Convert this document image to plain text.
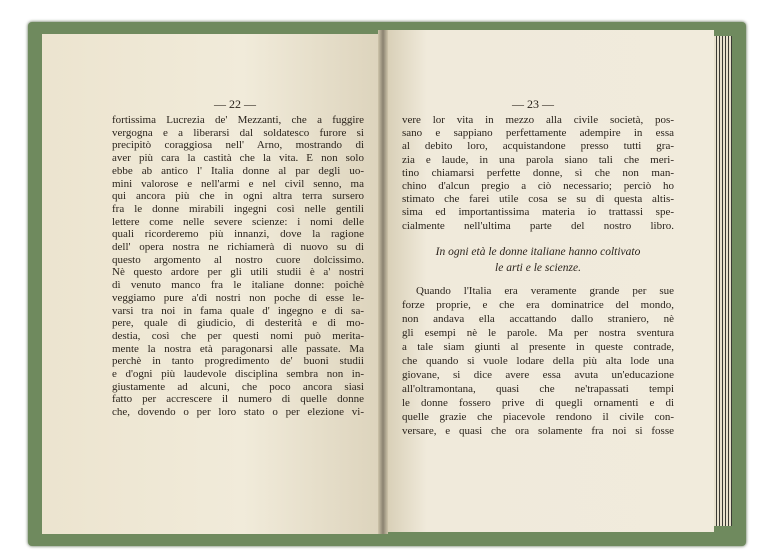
— 22 —
fortissima Lucrezia de' Mezzanti, che a fuggire
vergogna e a liberarsi dal soldatesco furore si
precipitò coraggiosa nell' Arno, mostrando di
aver più cara la castità che la vita. E non solo
ebbe ab antico l' Italia donne al par degli uo-
mini valorose e nell'armi e nel civil senno, ma
qui ancora più che in ogni altra terra sursero
fra le donne mirabili ingegni così nelle gentili
lettere come nelle severe scienze: i nomi delle
quali ricorderemo più innanzi, dove la ragione
dell' opera nostra ne richiamerà di nuovo su di
questo argomento al nostro cuore dolcissimo.
Nè questo ardore per gli utili studii è a' nostri
dì venuto manco fra le italiane donne: poichè
veggiamo pure a'dì nostri non poche di esse le-
varsi tra noi in fama quale d' ingegno e di sa-
pere, quale di giudicio, di desterità e di mo-
destia, così che per questi nomi può merita-
mente la nostra età paragonarsi alle passate. Ma
perchè in tanto progredimento de' buoni studii
e d'ogni più laudevole disciplina sembra non in-
giustamente ad alcuni, che poco ancora siasi
fatto per accrescere il numero di quelle donne
che, dovendo o per loro stato o per elezione vi-
— 23 —
vere lor vita in mezzo alla civile società, pos-
sano e sappiano perfettamente adempire in essa
al debito loro, acquistandone presso tutti gra-
zia e laude, in una parola siano tali che meri-
tino chiamarsi perfette donne, sì che non man-
chino d'alcun pregio a ciò necessario; perciò ho
stimato che farei utile cosa se su di questa altis-
sima ed importantissima materia io trattassi spe-
cialmente nell'ultima parte del nostro libro.
In ogni età le donne italiane hanno coltivato
le arti e le scienze.
Quando l'Italia era veramente grande per sue
forze proprie, e che era dominatrice del mondo,
non andava ella accattando dallo straniero, nè
gli esempi nè le parole. Ma per nostra sventura
a tale siam giunti al presente in queste contrade,
che quando si vuole lodare della più alta lode una
giovane, si dice avere essa avuta un'educazione
all'oltramontana, quasi che ne'trapassati tempi
le donne fossero prive di quegli ornamenti e di
quelle grazie che piacevole rendono il civile con-
versare, e quasi che ora solamente fra noi si fosse
